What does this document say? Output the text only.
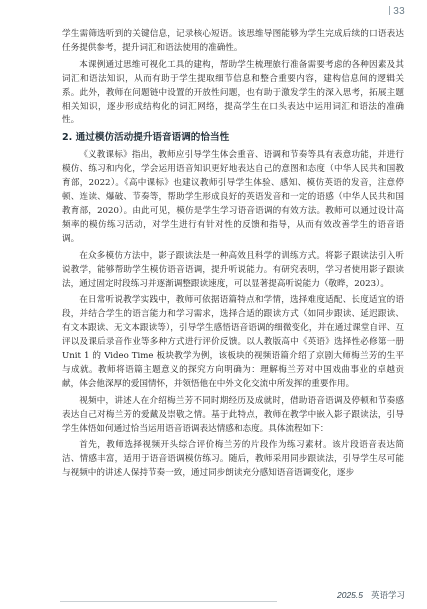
33

学生需筛选听到的关键信息，记录核心短语。该思维导图能够为学生完成后续的口语表达任务提供参考，提升词汇和语法使用的准确性。

本课例通过思维可视化工具的建构，帮助学生梳理旅行准备需要考虑的各种因素及其词汇和语法知识，从而有助于学生提取细节信息和整合重要内容，建构信息间的逻辑关系。此外，教师在问题链中设置的开放性问题，也有助于激发学生的深入思考，拓展主题相关知识，逐步形成结构化的词汇网络，提高学生在口头表达中运用词汇和语法的准确性。

2. 通过模仿活动提升语音语调的恰当性

《义教课标》指出，教师应引导学生体会重音、语调和节奏等具有表意功能，并进行模仿、练习和内化，学会运用语音知识更好地表达自己的意图和态度（中华人民共和国教育部，2022）。《高中课标》也建议教师引导学生体验、感知、模仿英语的发音，注意停顿、连读、爆破、节奏等，帮助学生形成良好的英语发音和一定的语感（中华人民共和国教育部，2020）。由此可见，模仿是学生学习语音语调的有效方法。教师可以通过设计高频率的模仿练习活动，对学生进行有针对性的反馈和指导，从而有效改善学生的语音语调。

在众多模仿方法中，影子跟读法是一种高效且科学的训练方式。将影子跟读法引入听说教学，能够帮助学生模仿语音语调，提升听说能力。有研究表明，学习者使用影子跟读法，通过固定时段练习并逐渐调整跟读速度，可以显著提高听说能力（敬晔，2023）。

在日常听说教学实践中，教师可依据语篇特点和学情，选择难度适配、长度适宜的语段，并结合学生的语言能力和学习需求，选择合适的跟读方式（如同步跟读、延迟跟读、有文本跟读、无文本跟读等），引导学生感悟语音语调的细微变化，并在通过课堂自评、互评以及课后录音作业等多种方式进行评价反馈。以人教版高中《英语》选择性必修第一册 Unit 1 的 Video Time 板块教学为例，该板块的视频语篇介绍了京剧大师梅兰芳的生平与成就。教师将语篇主题意义的探究方向明确为：理解梅兰芳对中国戏曲事业的卓越贡献，体会他深厚的爱国情怀，并领悟他在中外文化交流中所发挥的重要作用。

视频中，讲述人在介绍梅兰芳不同时期经历及成就时，借助语音语调及停顿和节奏感表达自己对梅兰芳的爱戴及崇敬之情。基于此特点，教师在教学中嵌入影子跟读法，引导学生体悟如何通过恰当运用语音语调表达情感和态度。具体流程如下：

首先，教师选择视频开头综合评价梅兰芳的片段作为练习素材。该片段语音表达简洁、情感丰富，适用于语音语调模仿练习。随后，教师采用同步跟读法，引导学生尽可能与视频中的讲述人保持节奏一致，通过同步朗读充分感知语音语调变化，逐步

2025.5 英语学习
